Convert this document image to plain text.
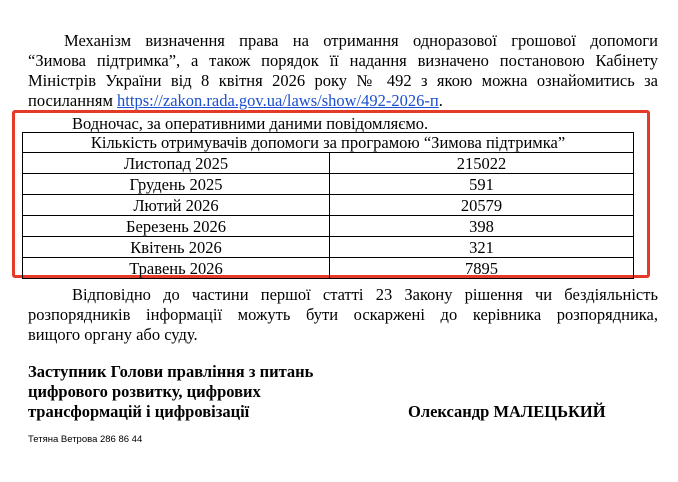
Механізм визначення права на отримання одноразової грошової допомоги
“Зимова підтримка”, а також порядок її надання визначено постановою Кабінету
Міністрів України від 8 квітня 2026 року № 492 з якою можна ознайомитись за
посиланням https://zakon.rada.gov.ua/laws/show/492-2026-п.
Водночас, за оперативними даними повідомляємо.
Кількість отримувачів допомоги за програмою “Зимова підтримка”	
Листопад 2025	215022
Грудень 2025	591
Лютий 2026	20579
Березень 2026	398
Квітень 2026	321
Травень 2026	7895
Відповідно до частини першої статті 23 Закону рішення чи бездіяльність
розпорядників інформації можуть бути оскаржені до керівника розпорядника,
вищого органу або суду.
Заступник Голови правління з питань
цифрового розвитку, цифрових
трансформацій і цифровізації	Олександр МАЛЕЦЬКИЙ
Тетяна Ветрова 286 86 44
